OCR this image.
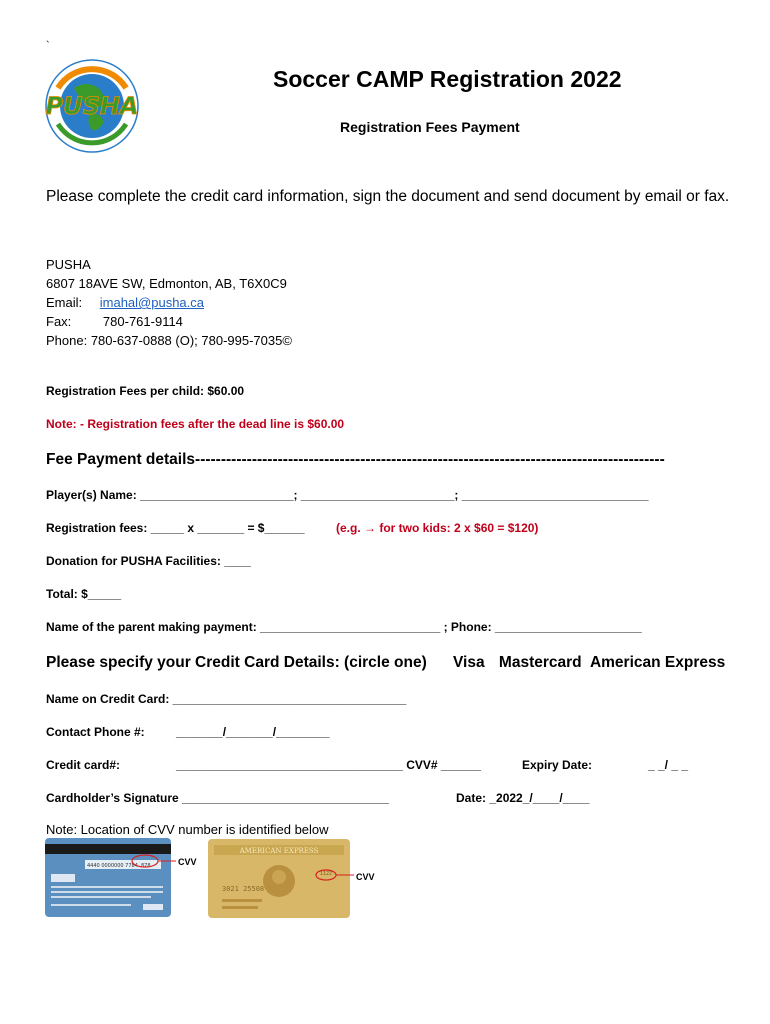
`
PUSHA
Soccer CAMP Registration 2022
Registration Fees Payment
Please complete the credit card information, sign the document and send document by email or fax.
PUSHA
6807 18AVE SW, Edmonton, AB, T6X0C9
Email: imahal@pusha.ca
Fax: 780-761-9114
Phone: 780-637-0888 (O); 780-995-7035©
Registration Fees per child: $60.00
Note: - Registration fees after the dead line is $60.00
Fee Payment details-------------------------------------------------------------------------------------------
Player(s) Name: _______________________; _______________________; ____________________________
Registration fees: _____ x _______ = $______	(e.g. → for two kids: 2 x $60 = $120)
Donation for PUSHA Facilities: ____
Total: $_____
Name of the parent making payment: ___________________________ ; Phone: ______________________
Please specify your Credit Card Details: (circle one) Visa Mastercard American Express
Name on Credit Card: ___________________________________
Contact Phone #:	_______/_______/________
Credit card#:	__________________________________ CVV# ______	Expiry Date:	_ _/ _ _
Cardholder’s Signature _______________________________	Date: _2022_/____/____
Note: Location of CVV number is identified below
4440 0000000 7784 878	CVV
AMERICAN EXPRESS
3021 25508
1122	CVV
